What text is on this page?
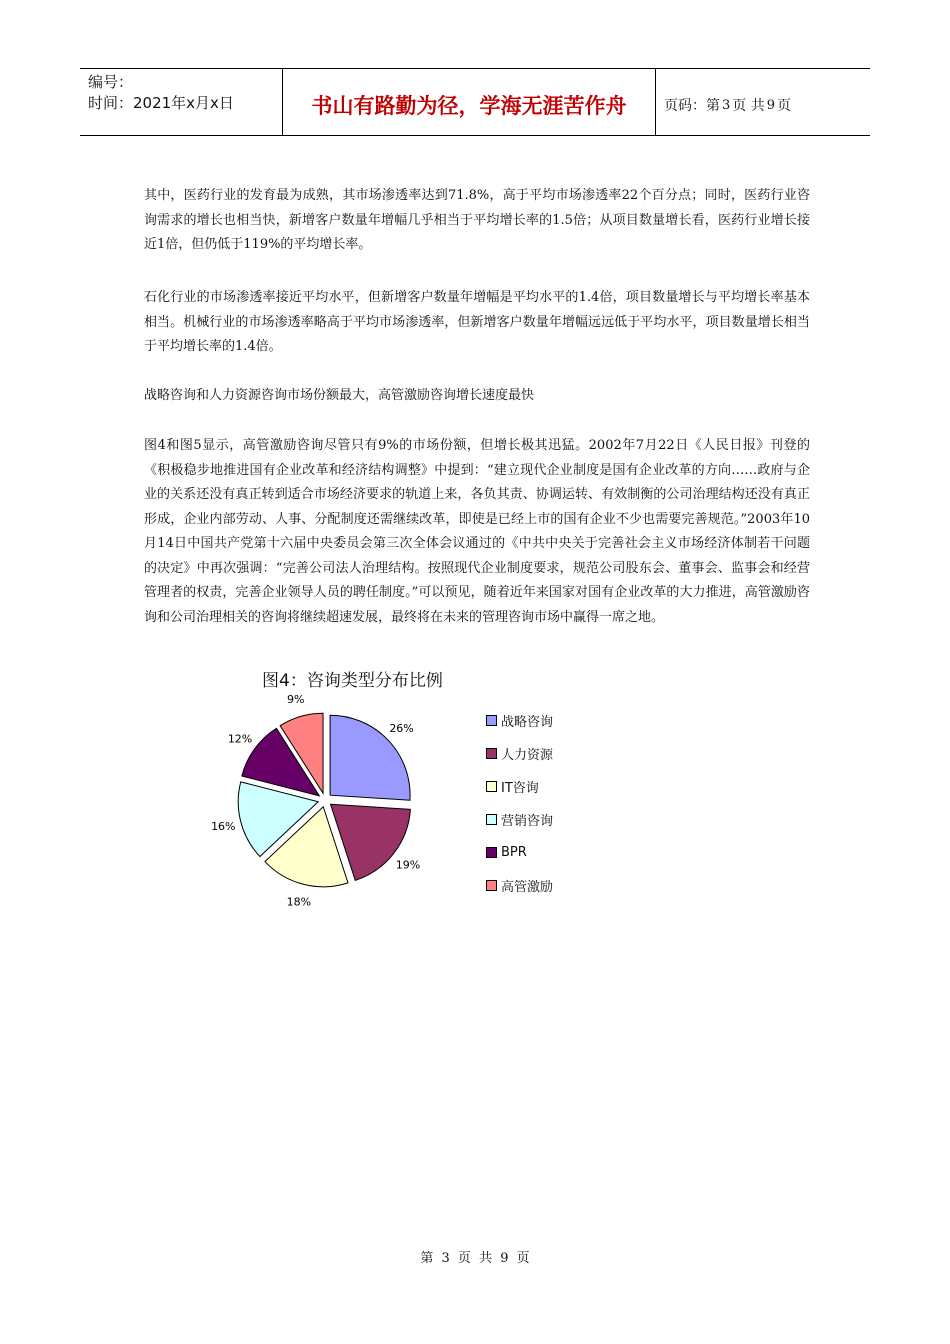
编号：
时间：2021年x月x日	书山有路勤为径，学海无涯苦作舟	页码：第 3 页 共 9 页

其中，医药行业的发育最为成熟，其市场渗透率达到71.8%，高于平均市场渗透率22个百分点；同时，医药行业咨询需求的增长也相当快，新增客户数量年增幅几乎相当于平均增长率的1.5倍；从项目数量增长看，医药行业增长接近1倍，但仍低于119%的平均增长率。

石化行业的市场渗透率接近平均水平，但新增客户数量年增幅是平均水平的1.4倍，项目数量增长与平均增长率基本相当。机械行业的市场渗透率略高于平均市场渗透率，但新增客户数量年增幅远远低于平均水平，项目数量增长相当于平均增长率的1.4倍。

战略咨询和人力资源咨询市场份额最大，高管激励咨询增长速度最快

图4和图5显示，高管激励咨询尽管只有9%的市场份额，但增长极其迅猛。2002年7月22日《人民日报》刊登的《积极稳步地推进国有企业改革和经济结构调整》中提到：“建立现代企业制度是国有企业改革的方向……政府与企业的关系还没有真正转到适合市场经济要求的轨道上来，各负其责、协调运转、有效制衡的公司治理结构还没有真正形成，企业内部劳动、人事、分配制度还需继续改革，即使是已经上市的国有企业不少也需要完善规范。”2003年10月14日中国共产党第十六届中央委员会第三次全体会议通过的《中共中央关于完善社会主义市场经济体制若干问题的决定》中再次强调：“完善公司法人治理结构。按照现代企业制度要求，规范公司股东会、董事会、监事会和经营管理者的权责，完善企业领导人员的聘任制度。”可以预见，随着近年来国家对国有企业改革的大力推进，高管激励咨询和公司治理相关的咨询将继续超速发展，最终将在未来的管理咨询市场中赢得一席之地。

图4：咨询类型分布比例
26%
19%
18%
16%
12%
9%
战略咨询
人力资源
IT咨询
营销咨询
BPR
高管激励
第 3 页 共 9 页
